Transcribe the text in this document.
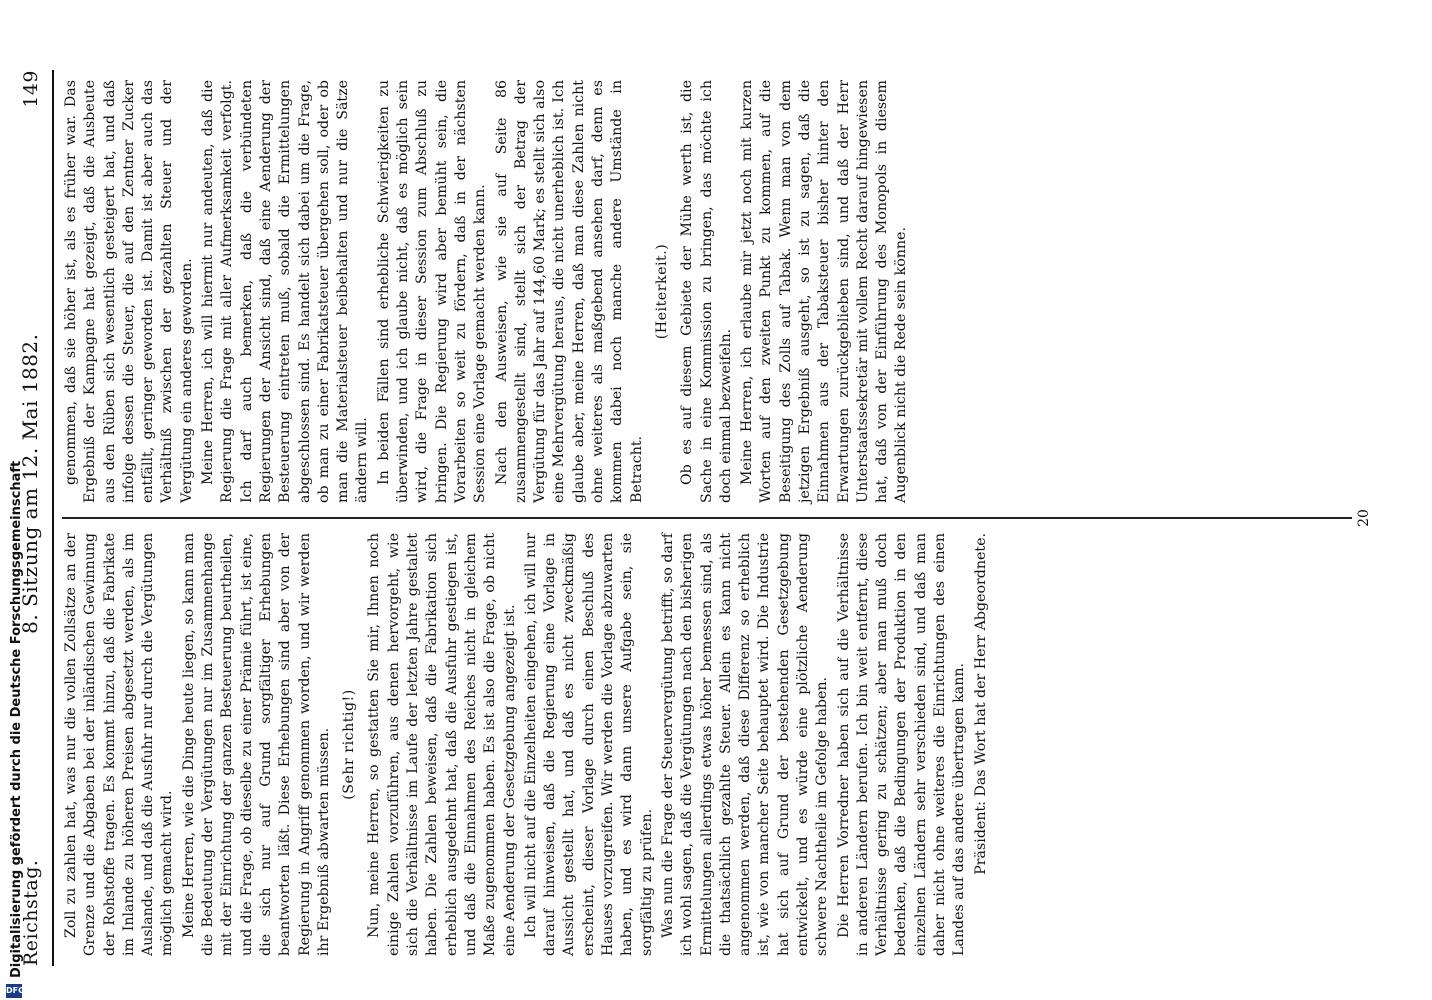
Reichstag.
8. Sitzung am 12. Mai 1882.
149

Zoll zu zahlen hat, was nur die vollen Zollsätze an der Grenze und die Abgaben bei der inländischen Gewinnung der Rohstoffe tragen. Es kommt hinzu, daß die Fabrikate im Inlande zu höheren Preisen abgesetzt werden, als im Auslande, und daß die Ausfuhr nur durch die Vergütungen möglich gemacht wird. Meine Herren, wie die Dinge heute liegen, so kann man die Bedeutung der Vergütungen nur im Zusammenhange mit der Einrichtung der ganzen Besteuerung beurtheilen, und die Frage, ob dieselbe zu einer Prämie führt, ist eine, die sich nur auf Grund sorgfältiger Erhebungen beantworten läßt. Diese Erhebungen sind aber von der Regierung in Angriff genommen worden, und wir werden ihr Ergebniß abwarten müssen. (Sehr richtig!) Nun, meine Herren, so gestatten Sie mir, Ihnen noch einige Zahlen vorzuführen, aus denen hervorgeht, wie sich die Verhältnisse im Laufe der letzten Jahre gestaltet haben. Die Zahlen beweisen, daß die Fabrikation sich erheblich ausgedehnt hat, daß die Ausfuhr gestiegen ist, und daß die Einnahmen des Reiches nicht in gleichem Maße zugenommen haben. Es ist also die Frage, ob nicht eine Aenderung der Gesetzgebung angezeigt ist. Ich will nicht auf die Einzelheiten eingehen, ich will nur darauf hinweisen, daß die Regierung eine Vorlage in Aussicht gestellt hat, und daß es nicht zweckmäßig erscheint, dieser Vorlage durch einen Beschluß des Hauses vorzugreifen. Wir werden die Vorlage abzuwarten haben, und es wird dann unsere Aufgabe sein, sie sorgfältig zu prüfen. Was nun die Frage der Steuervergütung betrifft, so darf ich wohl sagen, daß die Vergütungen nach den bisherigen Ermittelungen allerdings etwas höher bemessen sind, als die thatsächlich gezahlte Steuer. Allein es kann nicht angenommen werden, daß diese Differenz so erheblich ist, wie von mancher Seite behauptet wird. Die Industrie hat sich auf Grund der bestehenden Gesetzgebung entwickelt, und es würde eine plötzliche Aenderung schwere Nachtheile im Gefolge haben. Die Herren Vorredner haben sich auf die Verhältnisse in anderen Ländern berufen. Ich bin weit entfernt, diese Verhältnisse gering zu schätzen; aber man muß doch bedenken, daß die Bedingungen der Produktion in den einzelnen Ländern sehr verschieden sind, und daß man daher nicht ohne weiteres die Einrichtungen des einen Landes auf das andere übertragen kann. Präsident: Das Wort hat der Herr Abgeordnete.

genommen, daß sie höher ist, als es früher war. Das Ergebniß der Kampagne hat gezeigt, daß die Ausbeute aus den Rüben sich wesentlich gesteigert hat, und daß infolge dessen die Steuer, die auf den Zentner Zucker entfällt, geringer geworden ist. Damit ist aber auch das Verhältniß zwischen der gezahlten Steuer und der Vergütung ein anderes geworden. Meine Herren, ich will hiermit nur andeuten, daß die Regierung die Frage mit aller Aufmerksamkeit verfolgt. Ich darf auch bemerken, daß die verbündeten Regierungen der Ansicht sind, daß eine Aenderung der Besteuerung eintreten muß, sobald die Ermittelungen abgeschlossen sind. Es handelt sich dabei um die Frage, ob man zu einer Fabrikatsteuer übergehen soll, oder ob man die Materialsteuer beibehalten und nur die Sätze ändern will. In beiden Fällen sind erhebliche Schwierigkeiten zu überwinden, und ich glaube nicht, daß es möglich sein wird, die Frage in dieser Session zum Abschluß zu bringen. Die Regierung wird aber bemüht sein, die Vorarbeiten so weit zu fördern, daß in der nächsten Session eine Vorlage gemacht werden kann. Nach den Ausweisen, wie sie auf Seite 86 zusammengestellt sind, stellt sich der Betrag der Vergütung für das Jahr auf 144,60 Mark; es stellt sich also eine Mehrvergütung heraus, die nicht unerheblich ist. Ich glaube aber, meine Herren, daß man diese Zahlen nicht ohne weiteres als maßgebend ansehen darf, denn es kommen dabei noch manche andere Umstände in Betracht.

(Heiterkeit.) Ob es auf diesem Gebiete der Mühe werth ist, die Sache in eine Kommission zu bringen, das möchte ich doch einmal bezweifeln. Meine Herren, ich erlaube mir jetzt noch mit kurzen Worten auf den zweiten Punkt zu kommen, auf die Beseitigung des Zolls auf Tabak. Wenn man von dem jetzigen Ergebniß ausgeht, so ist zu sagen, daß die Einnahmen aus der Tabaksteuer bisher hinter den Erwartungen zurückgeblieben sind, und daß der Herr Unterstaatssekretär mit vollem Recht darauf hingewiesen hat, daß von der Einführung des Monopols in diesem Augenblick nicht die Rede sein könne.

20
Digitalisierung gefördert durch die Deutsche Forschungsgemeinschaft
DFG
